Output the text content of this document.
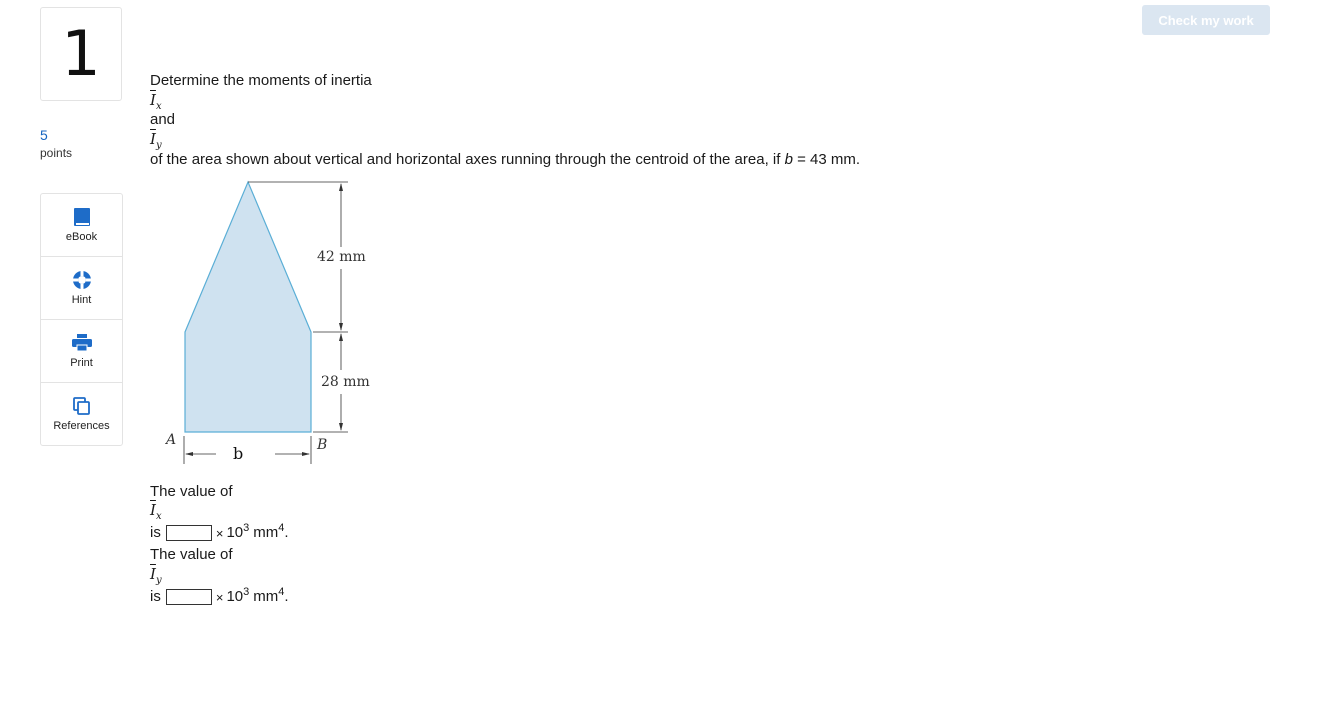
1
5
points
eBook
Hint
Print
References
Check my work
Determine the moments of inertia
$\overline{I}_x$
and
$\overline{I}_y$
of the area shown about vertical and horizontal axes running through the centroid of the area, if b = 43 mm.
42 mm
28 mm
b
A	B
The value of
$\overline{I}_x$
is	× 10 3 mm 4 .
The value of
$\overline{I}_y$
is	× 10 3 mm 4 .
